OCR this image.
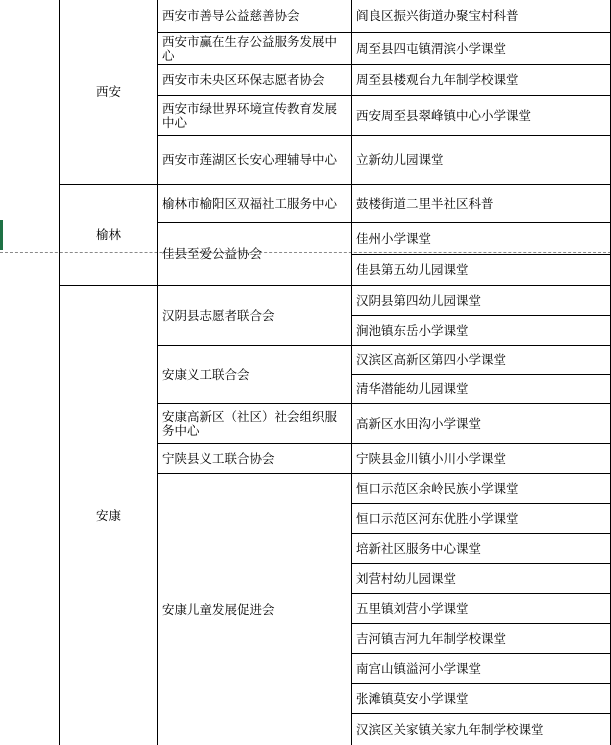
西安
榆林
安康
西安市善导公益慈善协会
西安市赢在生存公益服务发展中心
西安市未央区环保志愿者协会
西安市绿世界环境宣传教育发展中心
西安市莲湖区长安心理辅导中心
榆林市榆阳区双福社工服务中心
佳县至爱公益协会
汉阴县志愿者联合会
安康义工联合会
安康高新区（社区）社会组织服务中心
宁陕县义工联合协会
安康儿童发展促进会
阎良区振兴街道办聚宝村科普
周至县四屯镇渭滨小学课堂
周至县楼观台九年制学校课堂
西安周至县翠峰镇中心小学课堂
立新幼儿园课堂
鼓楼街道二里半社区科普
佳州小学课堂
佳县第五幼儿园课堂
汉阴县第四幼儿园课堂
涧池镇东岳小学课堂
汉滨区高新区第四小学课堂
清华潜能幼儿园课堂
高新区水田沟小学课堂
宁陕县金川镇小川小学课堂
恒口示范区余岭民族小学课堂
恒口示范区河东优胜小学课堂
培新社区服务中心课堂
刘营村幼儿园课堂
五里镇刘营小学课堂
吉河镇吉河九年制学校课堂
南宫山镇溢河小学课堂
张滩镇莫安小学课堂
汉滨区关家镇关家九年制学校课堂
